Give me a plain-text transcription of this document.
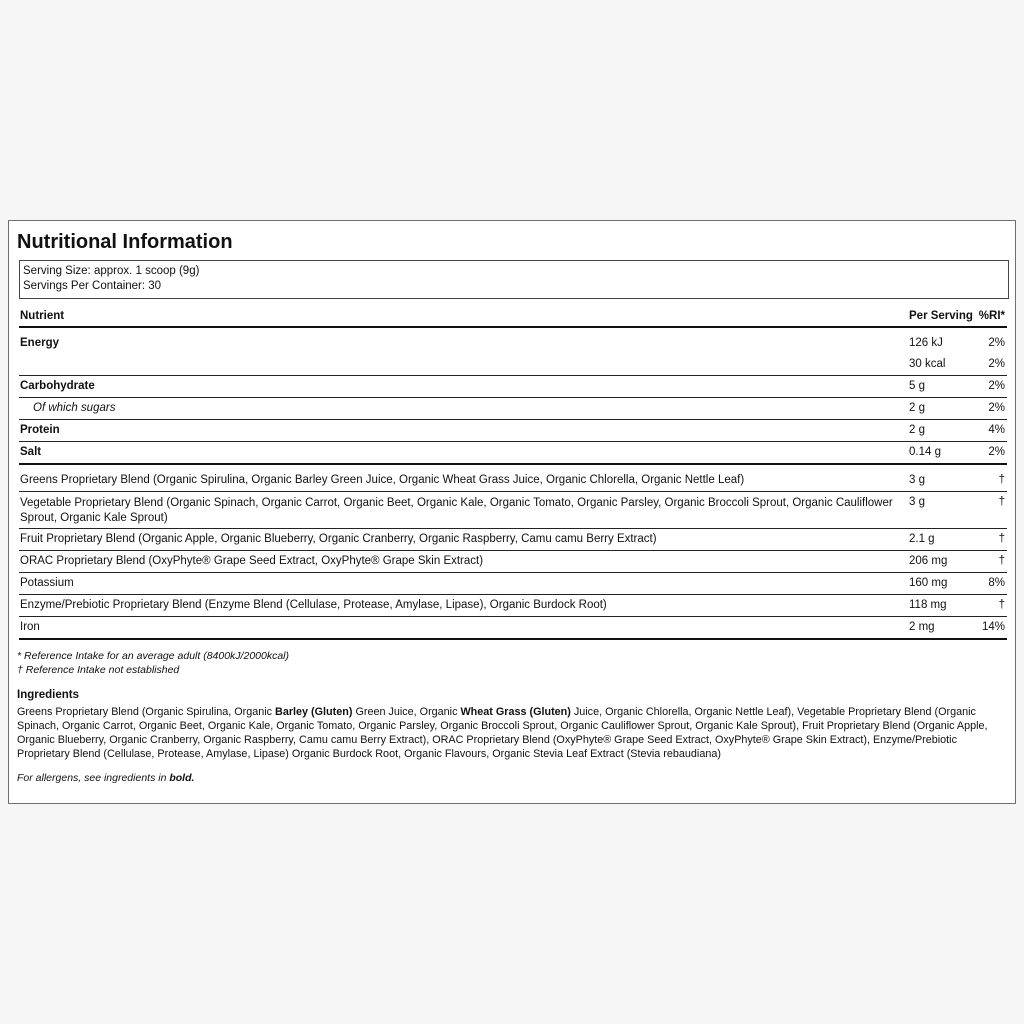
Nutritional Information
Serving Size: approx. 1 scoop (9g)
Servings Per Container: 30
Nutrient	Per Serving %RI*
Energy	126 kJ	2%
30 kcal	2%
Carbohydrate	5 g	2%
Of which sugars	2 g	2%
Protein	2 g	4%
Salt	0.14 g	2%
Greens Proprietary Blend (Organic Spirulina, Organic Barley Green Juice, Organic Wheat Grass Juice, Organic Chlorella, Organic Nettle Leaf)	3 g	†
Vegetable Proprietary Blend (Organic Spinach, Organic Carrot, Organic Beet, Organic Kale, Organic Tomato, Organic Parsley, Organic Broccoli Sprout, Organic Cauliflower Sprout, Organic Kale Sprout)
3 g	†
Fruit Proprietary Blend (Organic Apple, Organic Blueberry, Organic Cranberry, Organic Raspberry, Camu camu Berry Extract)	2.1 g	†
ORAC Proprietary Blend (OxyPhyte® Grape Seed Extract, OxyPhyte® Grape Skin Extract)	206 mg	†
Potassium	160 mg	8%
Enzyme/Prebiotic Proprietary Blend (Enzyme Blend (Cellulase, Protease, Amylase, Lipase), Organic Burdock Root)	118 mg	†
Iron	2 mg	14%
* Reference Intake for an average adult (8400kJ/2000kcal)
† Reference Intake not established
Ingredients
Greens Proprietary Blend (Organic Spirulina, Organic Barley (Gluten) Green Juice, Organic Wheat Grass (Gluten) Juice, Organic Chlorella, Organic Nettle Leaf), Vegetable Proprietary Blend (Organic Spinach, Organic Carrot, Organic Beet, Organic Kale, Organic Tomato, Organic Parsley, Organic Broccoli Sprout, Organic Cauliflower Sprout, Organic Kale Sprout), Fruit Proprietary Blend (Organic Apple, Organic Blueberry, Organic Cranberry, Organic Raspberry, Camu camu Berry Extract), ORAC Proprietary Blend (OxyPhyte® Grape Seed Extract, OxyPhyte® Grape Skin Extract), Enzyme/Prebiotic Proprietary Blend (Cellulase, Protease, Amylase, Lipase) Organic Burdock Root, Organic Flavours, Organic Stevia Leaf Extract (Stevia rebaudiana)
For allergens, see ingredients in bold.
